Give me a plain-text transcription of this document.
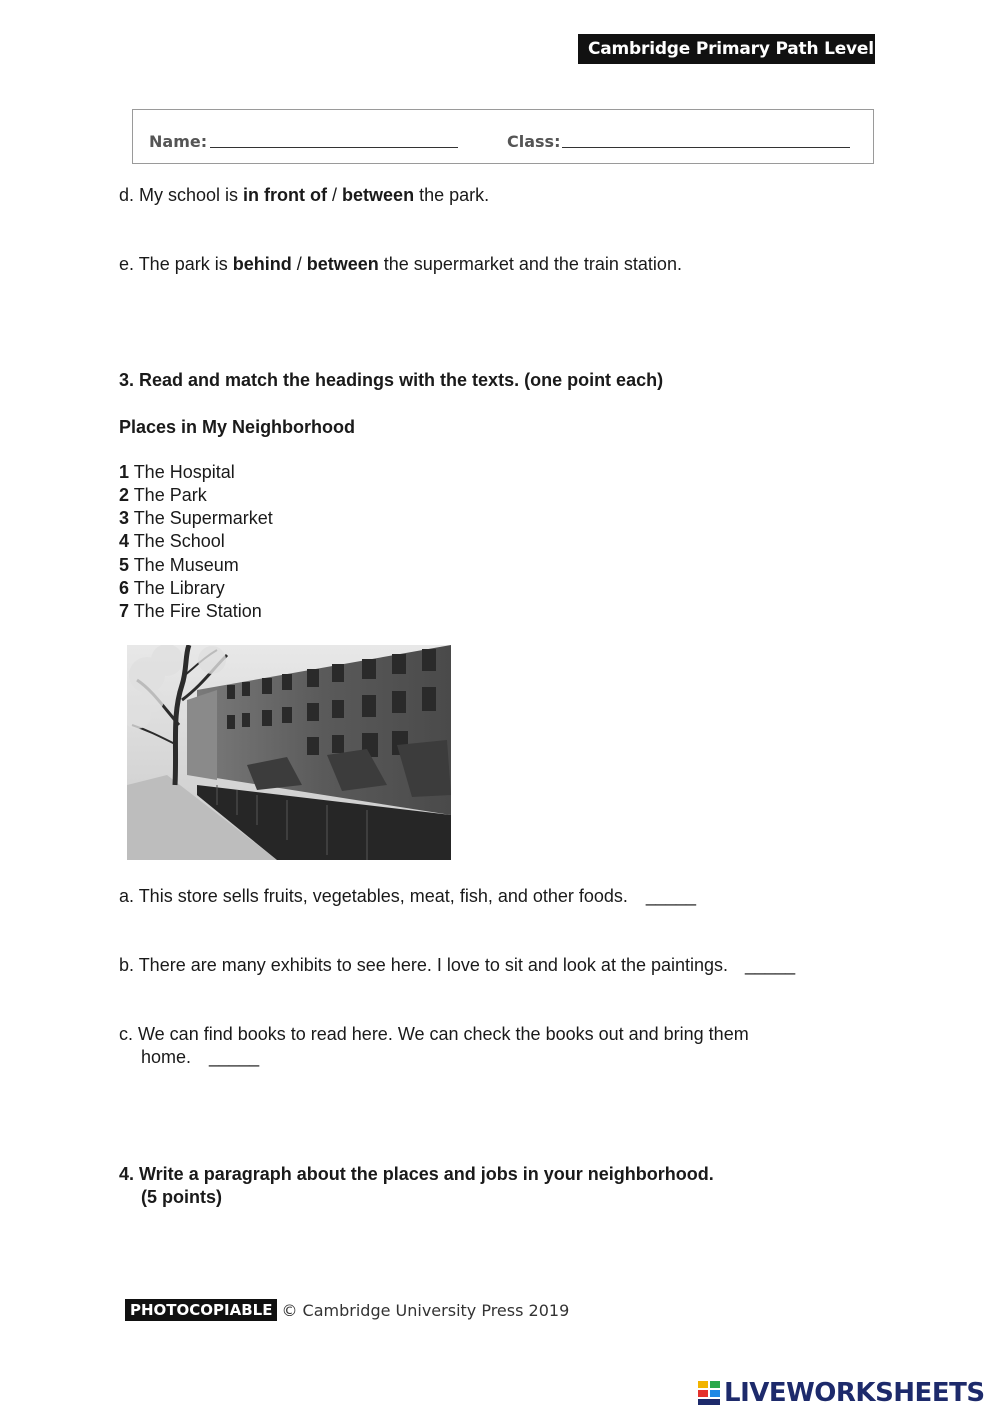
Cambridge Primary Path Level 2
Name:	Class:
d. My school is in front of / between the park.
e. The park is behind / between the supermarket and the train station.
3. Read and match the headings with the texts. (one point each)
Places in My Neighborhood
1 The Hospital
2 The Park
3 The Supermarket
4 The School
5 The Museum
6 The Library
7 The Fire Station
a. This store sells fruits, vegetables, meat, fish, and other foods. _____
b. There are many exhibits to see here. I love to sit and look at the paintings. _____
c. We can find books to read here. We can check the books out and bring them
home. _____
4. Write a paragraph about the places and jobs in your neighborhood.
(5 points)
PHOTOCOPIABLE © Cambridge University Press 2019
LIVEWORKSHEETS
